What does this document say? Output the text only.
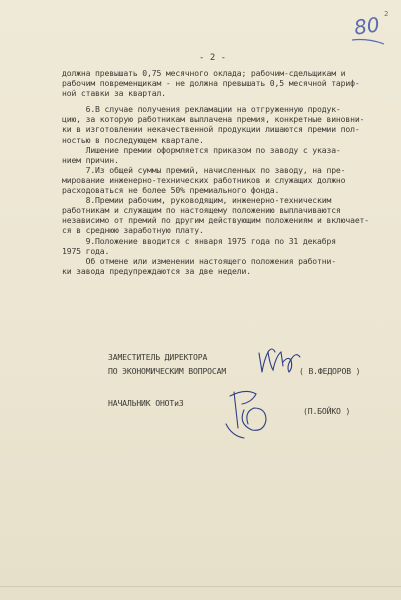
80 2
- 2 -
должна превышать 0,75 месячного оклада; рабочим-сдельщикам и
рабочим повременщикам - не должна превышать 0,5 месячной тариф-
ной ставки за квартал.

6.В случае получения рекламации на отгруженную продук-
цию, за которую работникам выплачена премия, конкретные виновни-
ки в изготовлении некачественной продукции лишаются премии пол-
ностью в последующем квартале.
Лишение премии оформляется приказом по заводу с указа-
нием причин.
7.Из общей суммы премий, начисленных по заводу, на пре-
мирование инженерно-технических работников и служащих должно
расходоваться не более 50% премиального фонда.
8.Премии рабочим, руководящим, инженерно-техническим
работникам и служащим по настоящему положению выплачиваются
независимо от премий по другим действующим положениям и включает-
ся в среднюю заработную плату.
9.Положение вводится с января 1975 года по 31 декабря
1975 года.
Об отмене или изменении настоящего положения работни-
ки завода предупреждаются за две недели.
ЗАМЕСТИТЕЛЬ ДИРЕКТОРА
ПО ЭКОНОМИЧЕСКИМ ВОПРОСАМ	( В.ФЕДОРОВ )
НАЧАЛЬНИК ОНОТиЗ
(П.БОЙКО )
